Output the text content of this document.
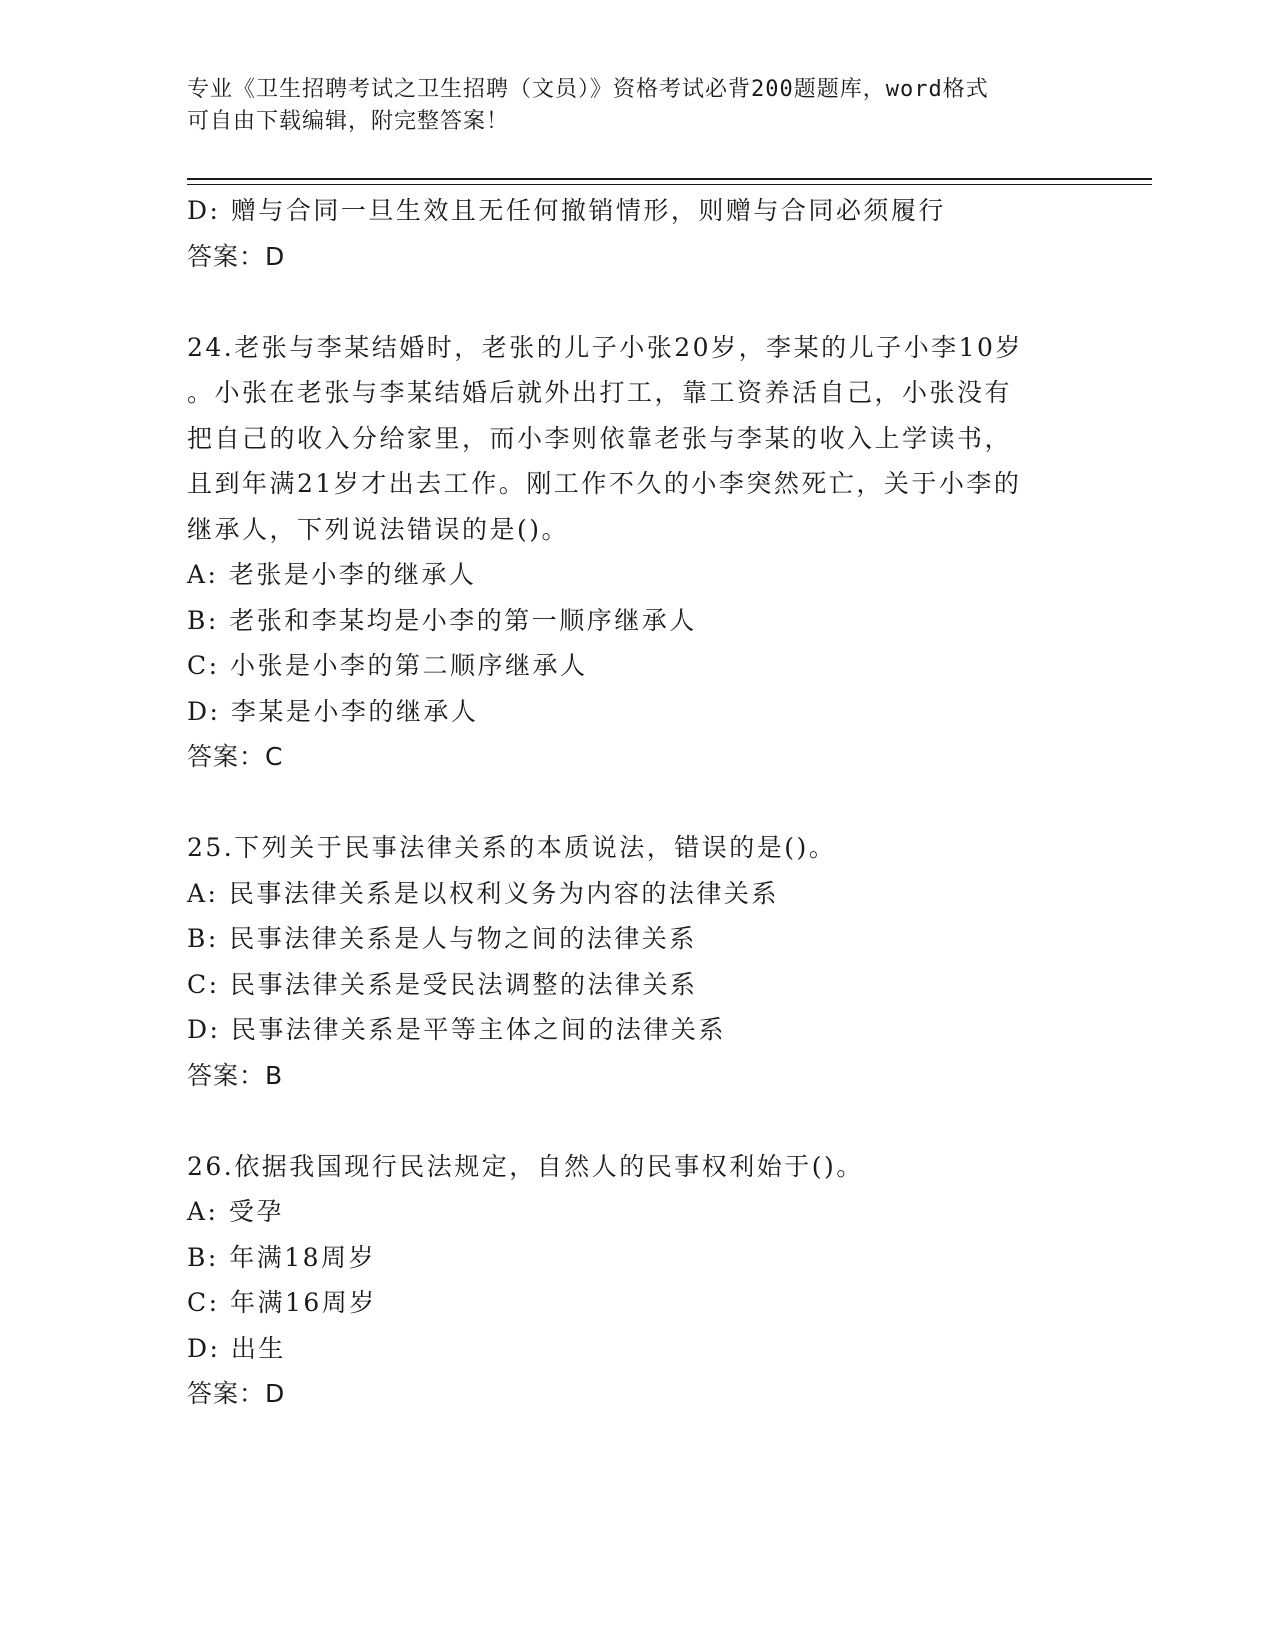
专业《卫生招聘考试之卫生招聘（文员）》资格考试必背200题题库，word格式
可自由下载编辑，附完整答案！
D: 赠与合同一旦生效且无任何撤销情形，则赠与合同必须履行
答案：D
24.老张与李某结婚时，老张的儿子小张20岁，李某的儿子小李10岁
。小张在老张与李某结婚后就外出打工，靠工资养活自己，小张没有
把自己的收入分给家里，而小李则依靠老张与李某的收入上学读书，
且到年满21岁才出去工作。刚工作不久的小李突然死亡，关于小李的
继承人，下列说法错误的是()。
A: 老张是小李的继承人
B: 老张和李某均是小李的第一顺序继承人
C: 小张是小李的第二顺序继承人
D: 李某是小李的继承人
答案：C
25.下列关于民事法律关系的本质说法，错误的是()。
A: 民事法律关系是以权利义务为内容的法律关系
B: 民事法律关系是人与物之间的法律关系
C: 民事法律关系是受民法调整的法律关系
D: 民事法律关系是平等主体之间的法律关系
答案：B
26.依据我国现行民法规定，自然人的民事权利始于()。
A: 受孕
B: 年满18周岁
C: 年满16周岁
D: 出生
答案：D
